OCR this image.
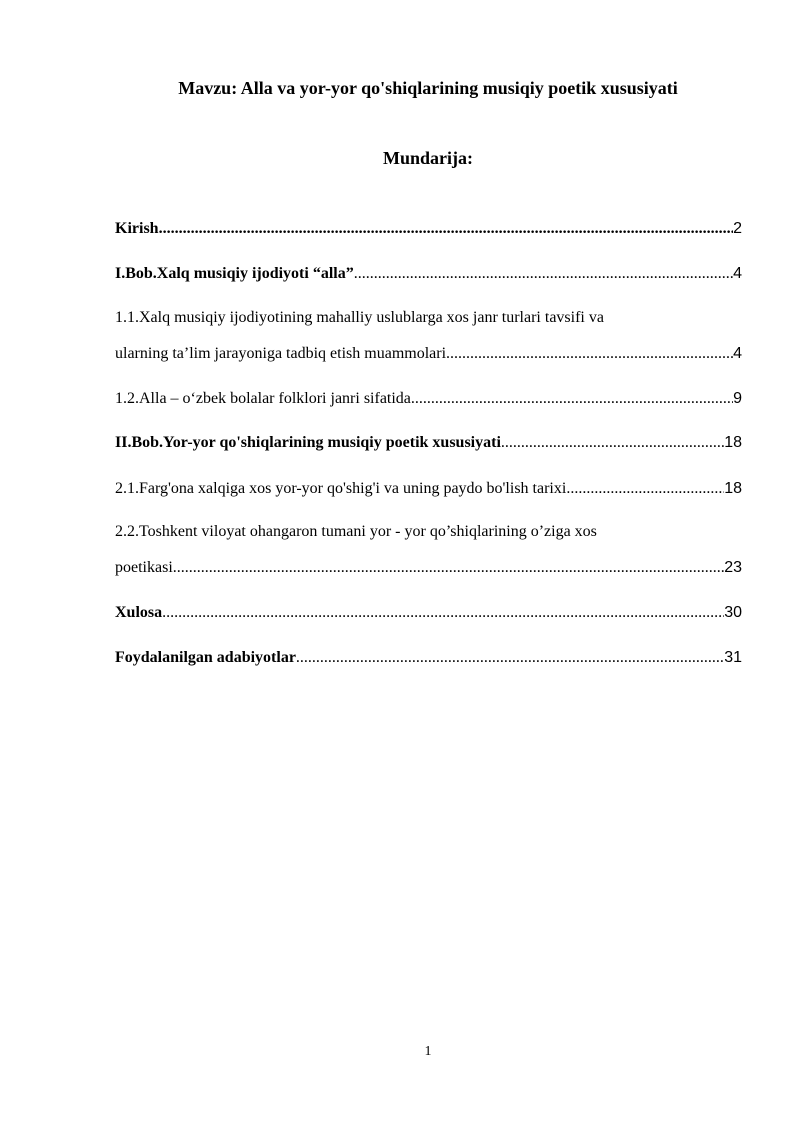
Mavzu: Alla va yor-yor qo'shiqlarining musiqiy poetik xususiyati
Mundarija:
Kirish .....	2
I.Bob.Xalq musiqiy ijodiyoti “alla” .....	4
1.1.Xalq musiqiy ijodiyotining mahalliy uslublarga xos janr turlari tavsifi va
ularning ta’lim jarayoniga tadbiq etish muammolari .....	4
1.2.Alla – o‘zbek bolalar folklori janri sifatida .....	9
II.Bob.Yor-yor qo'shiqlarining musiqiy poetik xususiyati .....	18
2.1.Farg'ona xalqiga xos yor-yor qo'shig'i va uning paydo bo'lish tarixi .....	18
2.2.Toshkent viloyat ohangaron tumani yor - yor qo’shiqlarining o’ziga xos
poetikasi .....	23
Xulosa .....	30
Foydalanilgan adabiyotlar .....	31
1
